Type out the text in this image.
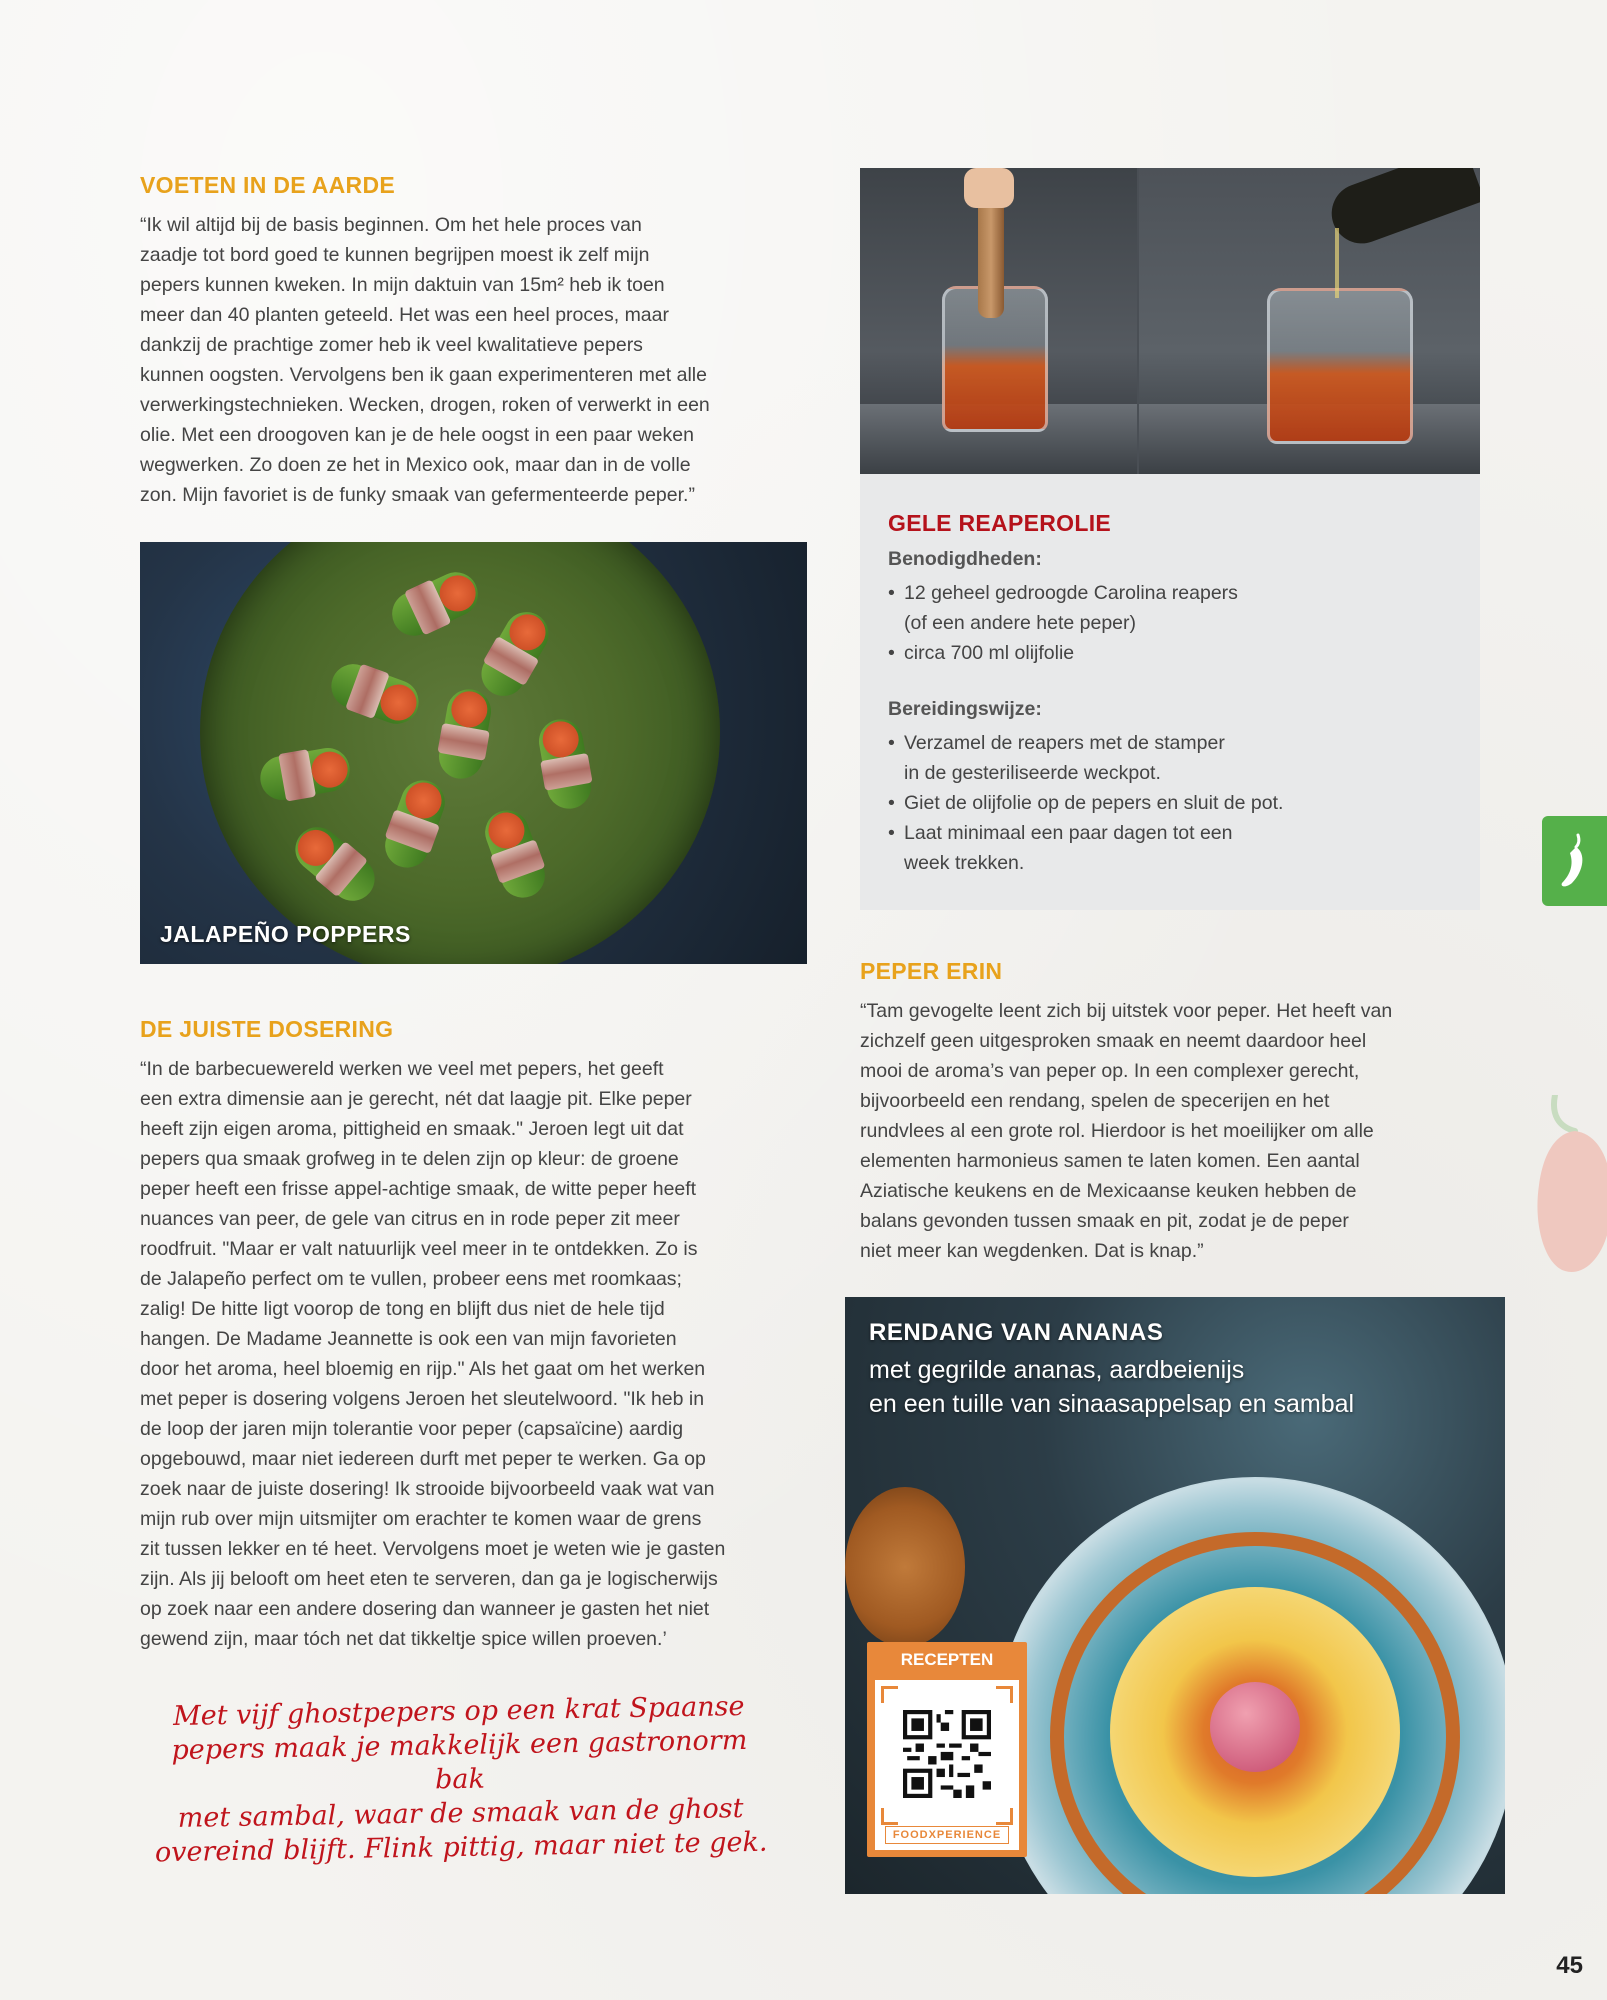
VOETEN IN DE AARDE

“Ik wil altijd bij de basis beginnen. Om het hele proces van
zaadje tot bord goed te kunnen begrijpen moest ik zelf mijn
pepers kunnen kweken. In mijn daktuin van 15m² heb ik toen
meer dan 40 planten geteeld. Het was een heel proces, maar
dankzij de prachtige zomer heb ik veel kwalitatieve pepers
kunnen oogsten. Vervolgens ben ik gaan experimenteren met alle
verwerkingstechnieken. Wecken, drogen, roken of verwerkt in een
olie. Met een droogoven kan je de hele oogst in een paar weken
wegwerken. Zo doen ze het in Mexico ook, maar dan in de volle
zon. Mijn favoriet is de funky smaak van gefermenteerde peper.”

GELE REAPEROLIE
Benodigdheden:
• 12 geheel gedroogde Carolina reapers
(of een andere hete peper)
• circa 700 ml olijfolie
Bereidingswijze:
• Verzamel de reapers met de stamper
in de gesteriliseerde weckpot.
• Giet de olijfolie op de pepers en sluit de pot.
• Laat minimaal een paar dagen tot een
week trekken.
JALAPEÑO POPPERS
DE JUISTE DOSERING

“In de barbecuewereld werken we veel met pepers, het geeft
een extra dimensie aan je gerecht, nét dat laagje pit. Elke peper
heeft zijn eigen aroma, pittigheid en smaak." Jeroen legt uit dat
pepers qua smaak grofweg in te delen zijn op kleur: de groene
peper heeft een frisse appel-achtige smaak, de witte peper heeft
nuances van peer, de gele van citrus en in rode peper zit meer
roodfruit. "Maar er valt natuurlijk veel meer in te ontdekken. Zo is
de Jalapeño perfect om te vullen, probeer eens met roomkaas;
zalig! De hitte ligt voorop de tong en blijft dus niet de hele tijd
hangen. De Madame Jeannette is ook een van mijn favorieten
door het aroma, heel bloemig en rijp." Als het gaat om het werken
met peper is dosering volgens Jeroen het sleutelwoord. "Ik heb in
de loop der jaren mijn tolerantie voor peper (capsaïcine) aardig
opgebouwd, maar niet iedereen durft met peper te werken. Ga op
zoek naar de juiste dosering! Ik strooide bijvoorbeeld vaak wat van
mijn rub over mijn uitsmijter om erachter te komen waar de grens
zit tussen lekker en té heet. Vervolgens moet je weten wie je gasten
zijn. Als jij belooft om heet eten te serveren, dan ga je logischerwijs
op zoek naar een andere dosering dan wanneer je gasten het niet
gewend zijn, maar tóch net dat tikkeltje spice willen proeven.’

PEPER ERIN

“Tam gevogelte leent zich bij uitstek voor peper. Het heeft van
zichzelf geen uitgesproken smaak en neemt daardoor heel
mooi de aroma’s van peper op. In een complexer gerecht,
bijvoorbeeld een rendang, spelen de specerijen en het
rundvlees al een grote rol. Hierdoor is het moeilijker om alle
elementen harmonieus samen te laten komen. Een aantal
Aziatische keukens en de Mexicaanse keuken hebben de
balans gevonden tussen smaak en pit, zodat je de peper
niet meer kan wegdenken. Dat is knap.”

RENDANG VAN ANANAS
met gegrilde ananas, aardbeienijs
en een tuille van sinaasappelsap en sambal
RECEPTEN
FOODXPERIENCE
Met vijf ghostpepers op een krat Spaanse
pepers maak je makkelijk een gastronorm bak
met sambal, waar de smaak van de ghost
overeind blijft. Flink pittig, maar niet te gek.
45
